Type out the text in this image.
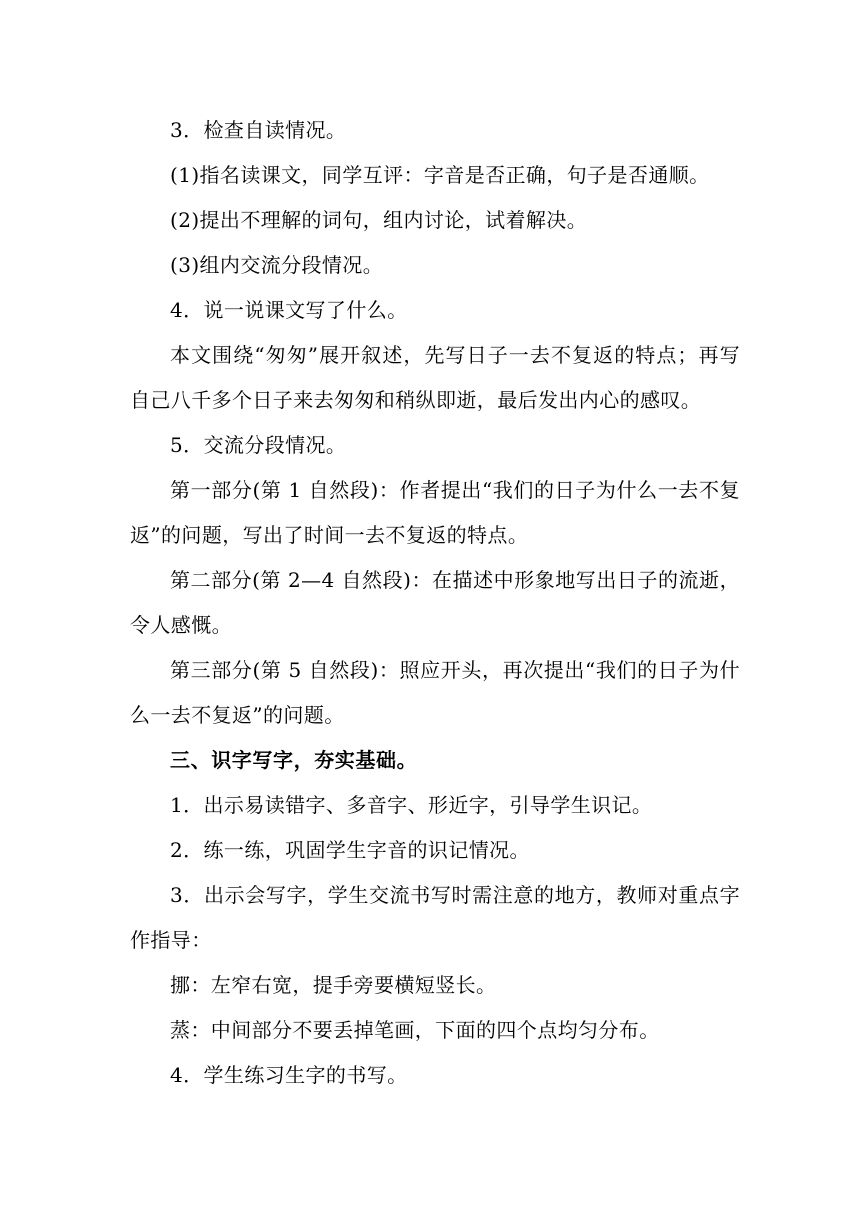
3．检查自读情况。

(1)指名读课文，同学互评：字音是否正确，句子是否通顺。

(2)提出不理解的词句，组内讨论，试着解决。

(3)组内交流分段情况。

4．说一说课文写了什么。

本文围绕“匆匆”展开叙述，先写日子一去不复返的特点；再写自己八千多个日子来去匆匆和稍纵即逝，最后发出内心的感叹。

5．交流分段情况。

第一部分(第 1 自然段)：作者提出“我们的日子为什么一去不复返”的问题，写出了时间一去不复返的特点。

第二部分(第 2—4 自然段)：在描述中形象地写出日子的流逝，令人感慨。

第三部分(第 5 自然段)：照应开头，再次提出“我们的日子为什么一去不复返”的问题。

三、识字写字，夯实基础。

1．出示易读错字、多音字、形近字，引导学生识记。

2．练一练，巩固学生字音的识记情况。

3．出示会写字，学生交流书写时需注意的地方，教师对重点字作指导：

挪：左窄右宽，提手旁要横短竖长。

蒸：中间部分不要丢掉笔画，下面的四个点均匀分布。

4．学生练习生字的书写。
